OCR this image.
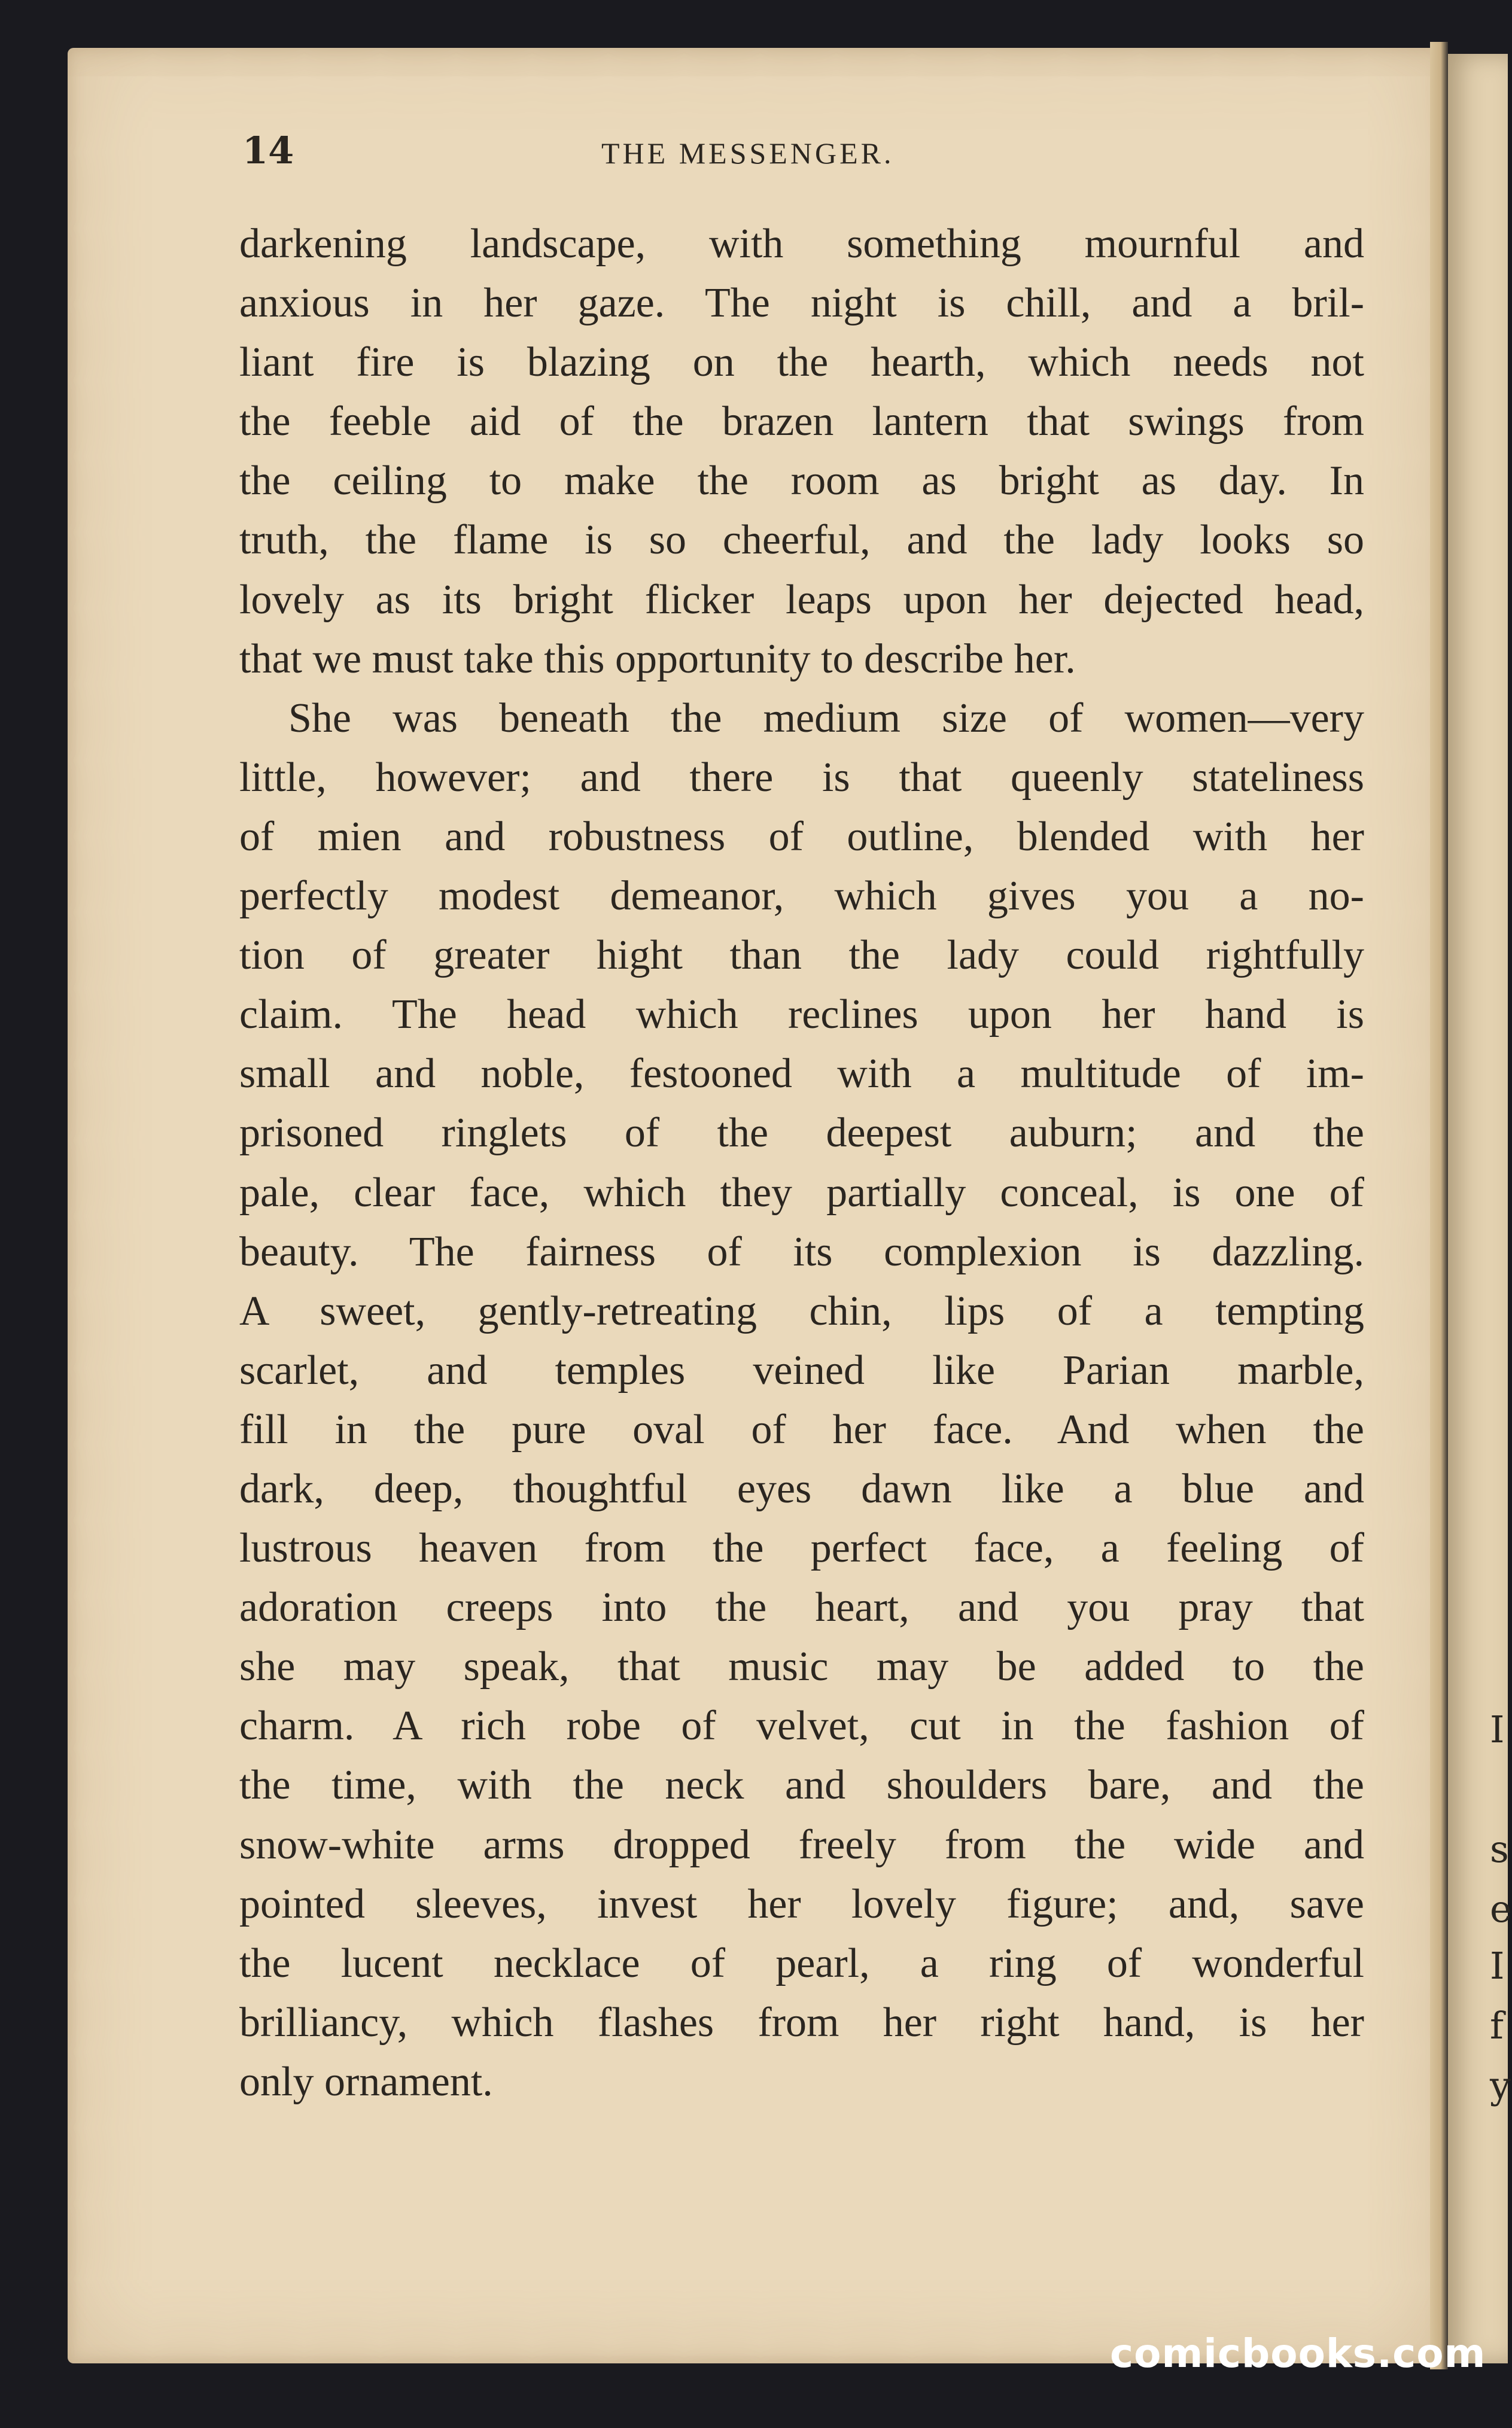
I
s
e
I
f
y
14	THE MESSENGER.
darkening landscape, with something mournful and
anxious in her gaze. The night is chill, and a bril-
liant fire is blazing on the hearth, which needs not
the feeble aid of the brazen lantern that swings from
the ceiling to make the room as bright as day. In
truth, the flame is so cheerful, and the lady looks so
lovely as its bright flicker leaps upon her dejected head,
that we must take this opportunity to describe her.
She was beneath the medium size of women—very
little, however; and there is that queenly stateliness
of mien and robustness of outline, blended with her
perfectly modest demeanor, which gives you a no-
tion of greater hight than the lady could rightfully
claim. The head which reclines upon her hand is
small and noble, festooned with a multitude of im-
prisoned ringlets of the deepest auburn; and the
pale, clear face, which they partially conceal, is one of
beauty. The fairness of its complexion is dazzling.
A sweet, gently-retreating chin, lips of a tempting
scarlet, and temples veined like Parian marble,
fill in the pure oval of her face. And when the
dark, deep, thoughtful eyes dawn like a blue and
lustrous heaven from the perfect face, a feeling of
adoration creeps into the heart, and you pray that
she may speak, that music may be added to the
charm. A rich robe of velvet, cut in the fashion of
the time, with the neck and shoulders bare, and the
snow-white arms dropped freely from the wide and
pointed sleeves, invest her lovely figure; and, save
the lucent necklace of pearl, a ring of wonderful
brilliancy, which flashes from her right hand, is her
only ornament.
comicbooks.com
